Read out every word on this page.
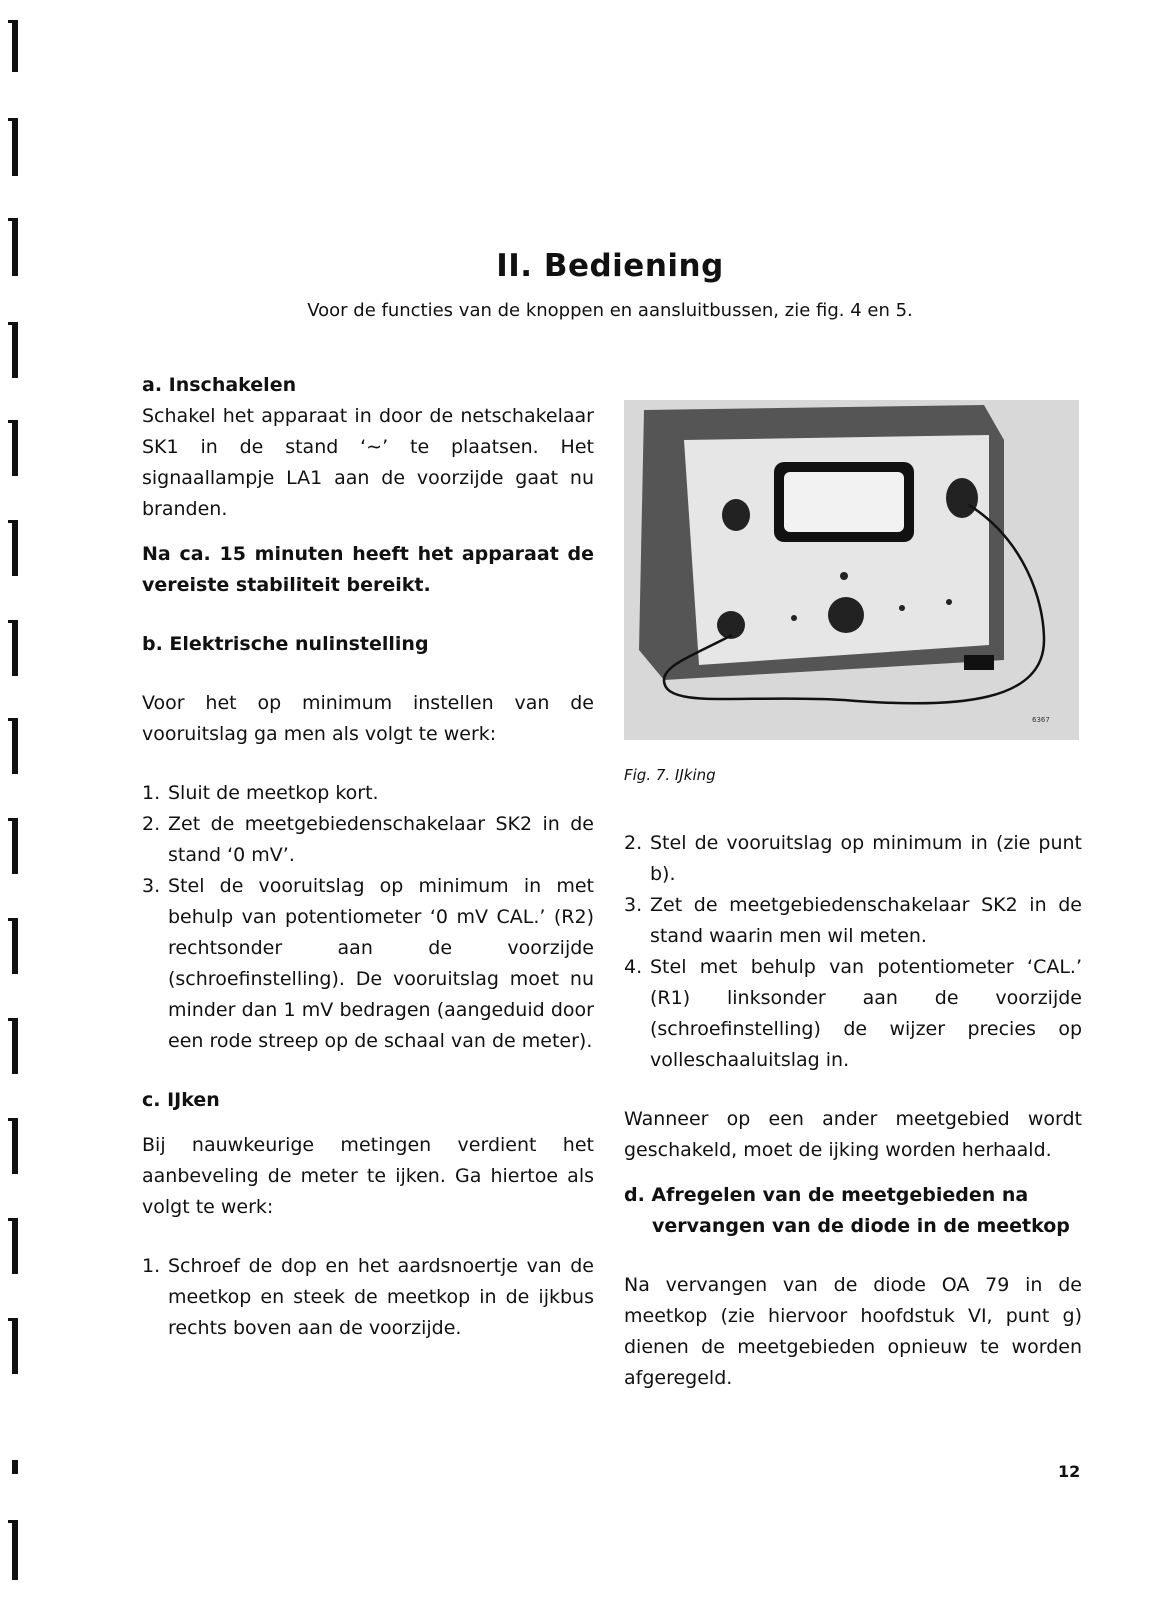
II. Bediening
Voor de functies van de knoppen en aansluitbussen, zie fig. 4 en 5.
a. Inschakelen

Schakel het apparaat in door de netschakelaar SK1 in de stand ‘∼’ te plaatsen. Het signaallampje LA1 aan de voorzijde gaat nu branden.

Na ca. 15 minuten heeft het apparaat de vereiste stabiliteit bereikt.

b. Elektrische nulinstelling

Voor het op minimum instellen van de vooruitslag ga men als volgt te werk:

1. Sluit de meetkop kort.
2. Zet de meetgebiedenschakelaar SK2 in de stand ‘0 mV’.
3. Stel de vooruitslag op minimum in met behulp van potentiometer ‘0 mV CAL.’ (R2) rechtsonder aan de voorzijde (schroefinstelling). De vooruitslag moet nu minder dan 1 mV bedragen (aangeduid door een rode streep op de schaal van de meter).
c. IJken

Bij nauwkeurige metingen verdient het aanbeveling de meter te ijken. Ga hiertoe als volgt te werk:

1. Schroef de dop en het aardsnoertje van de meetkop en steek de meetkop in de ijkbus rechts boven aan de voorzijde.
6367
Fig. 7. IJking
2. Stel de vooruitslag op minimum in (zie punt b).
3. Zet de meetgebiedenschakelaar SK2 in de stand waarin men wil meten.
4. Stel met behulp van potentiometer ‘CAL.’ (R1) linksonder aan de voorzijde (schroefinstelling) de wijzer precies op volleschaaluitslag in.

Wanneer op een ander meetgebied wordt geschakeld, moet de ijking worden herhaald.

d. Afregelen van de meetgebieden na vervangen van de diode in de meetkop

Na vervangen van de diode OA 79 in de meetkop (zie hiervoor hoofdstuk VI, punt g) dienen de meetgebieden opnieuw te worden afgeregeld.

12
